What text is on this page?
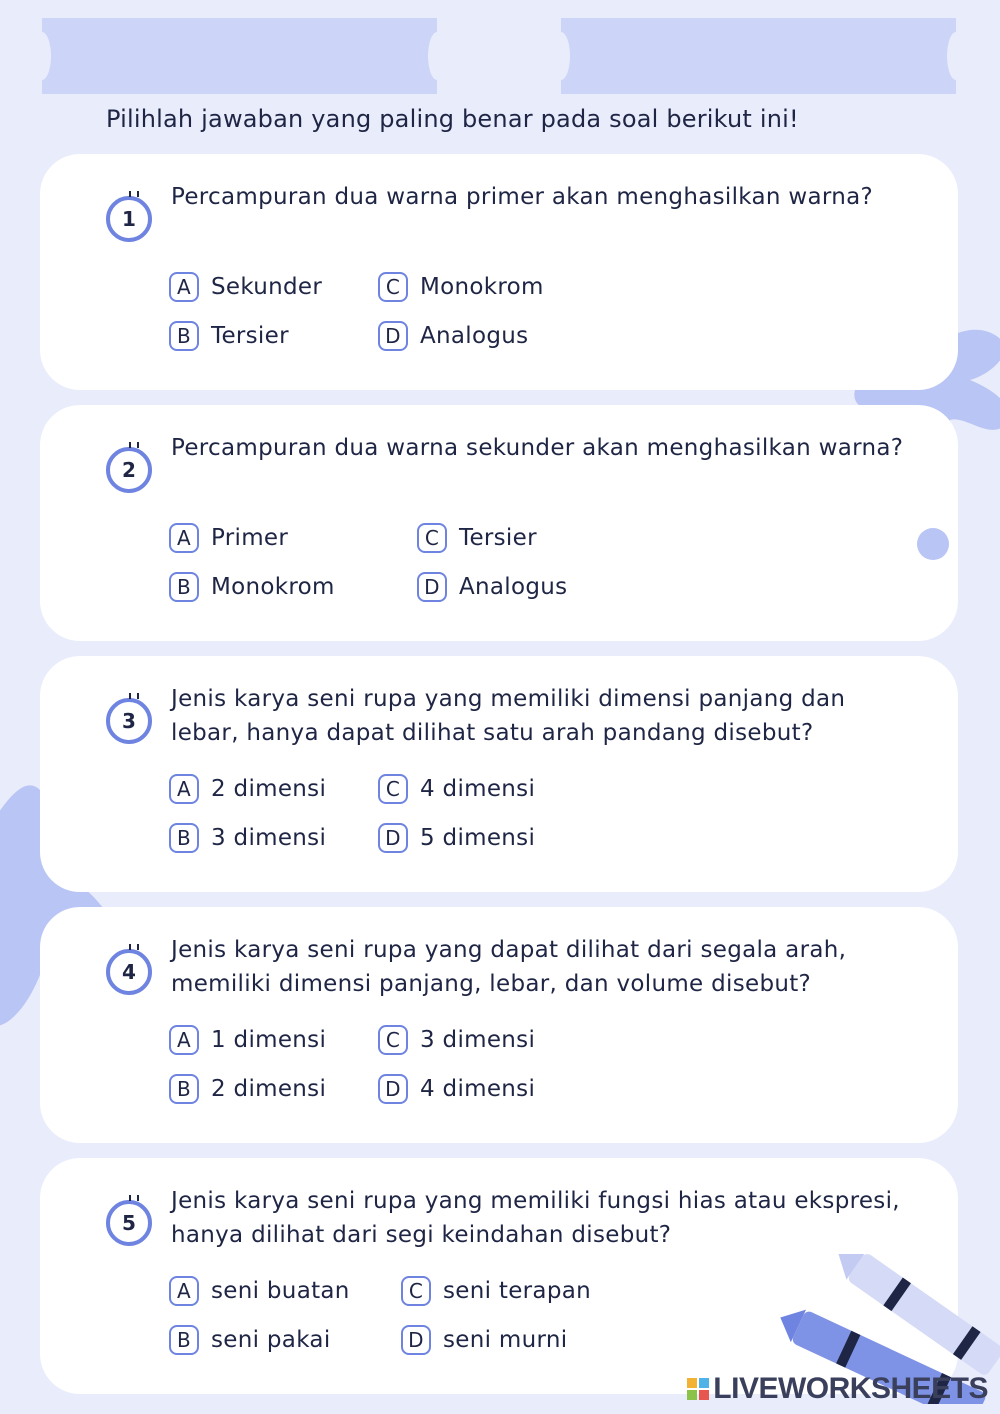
Pilihlah jawaban yang paling benar pada soal berikut ini!
1
Percampuran dua warna primer akan menghasilkan warna?
A Sekunder
B Tersier
C Monokrom
D Analogus
2
Percampuran dua warna sekunder akan menghasilkan warna?
A Primer
B Monokrom
C Tersier
D Analogus
3
Jenis karya seni rupa yang memiliki dimensi panjang dan lebar, hanya dapat dilihat satu arah pandang disebut?
A 2 dimensi
B 3 dimensi
C 4 dimensi
D 5 dimensi
4
Jenis karya seni rupa yang dapat dilihat dari segala arah, memiliki dimensi panjang, lebar, dan volume disebut?
A 1 dimensi
B 2 dimensi
C 3 dimensi
D 4 dimensi
5
Jenis karya seni rupa yang memiliki fungsi hias atau ekspresi, hanya dilihat dari segi keindahan disebut?
A seni buatan
B seni pakai
C seni terapan
D seni murni
LIVEWORKSHEETS
